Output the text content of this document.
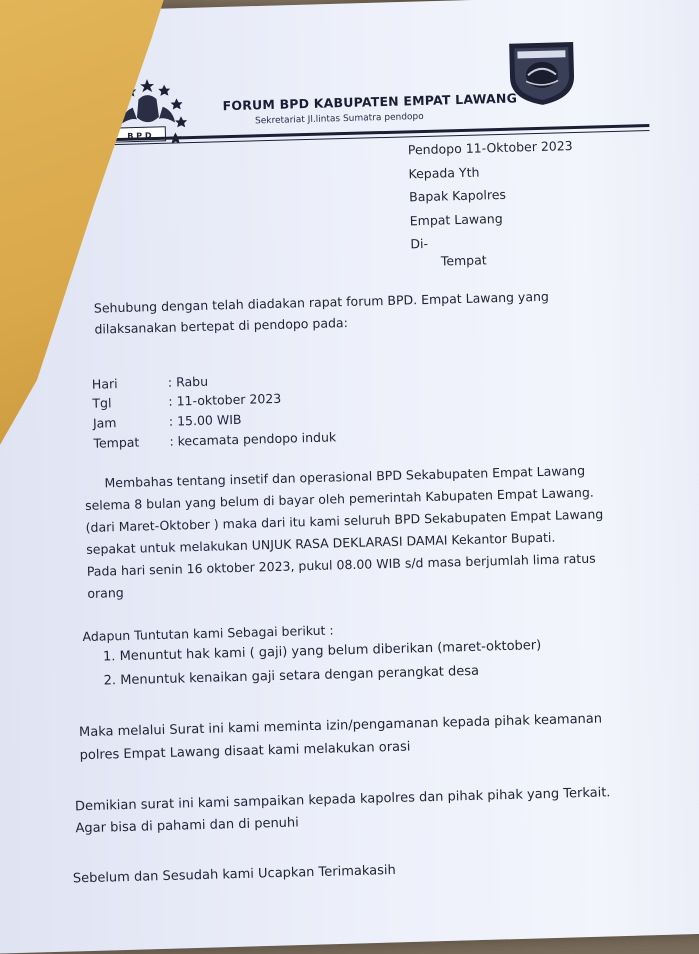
B P D
FORUM BPD KABUPATEN EMPAT LAWANG
Sekretariat Jl.lintas Sumatra pendopo
Pendopo 11-Oktober 2023
Kepada Yth
Bapak Kapolres
Empat Lawang
Di-
Tempat
Sehubung dengan telah diadakan rapat forum BPD. Empat Lawang yang
dilaksanakan bertepat di pendopo pada:
Hari	: Rabu
Tgl	: 11-oktober 2023
Jam	: 15.00 WIB
Tempat : kecamata pendopo induk
Membahas tentang insetif dan operasional BPD Sekabupaten Empat Lawang
selema 8 bulan yang belum di bayar oleh pemerintah Kabupaten Empat Lawang.
(dari Maret-Oktober ) maka dari itu kami seluruh BPD Sekabupaten Empat Lawang
sepakat untuk melakukan UNJUK RASA DEKLARASI DAMAI Kekantor Bupati.
Pada hari senin 16 oktober 2023, pukul 08.00 WIB s/d masa berjumlah lima ratus
orang
Adapun Tuntutan kami Sebagai berikut :
1. Menuntut hak kami ( gaji) yang belum diberikan (maret-oktober)
2. Menuntuk kenaikan gaji setara dengan perangkat desa
Maka melalui Surat ini kami meminta izin/pengamanan kepada pihak keamanan
polres Empat Lawang disaat kami melakukan orasi
Demikian surat ini kami sampaikan kepada kapolres dan pihak pihak yang Terkait.
Agar bisa di pahami dan di penuhi
Sebelum dan Sesudah kami Ucapkan Terimakasih
